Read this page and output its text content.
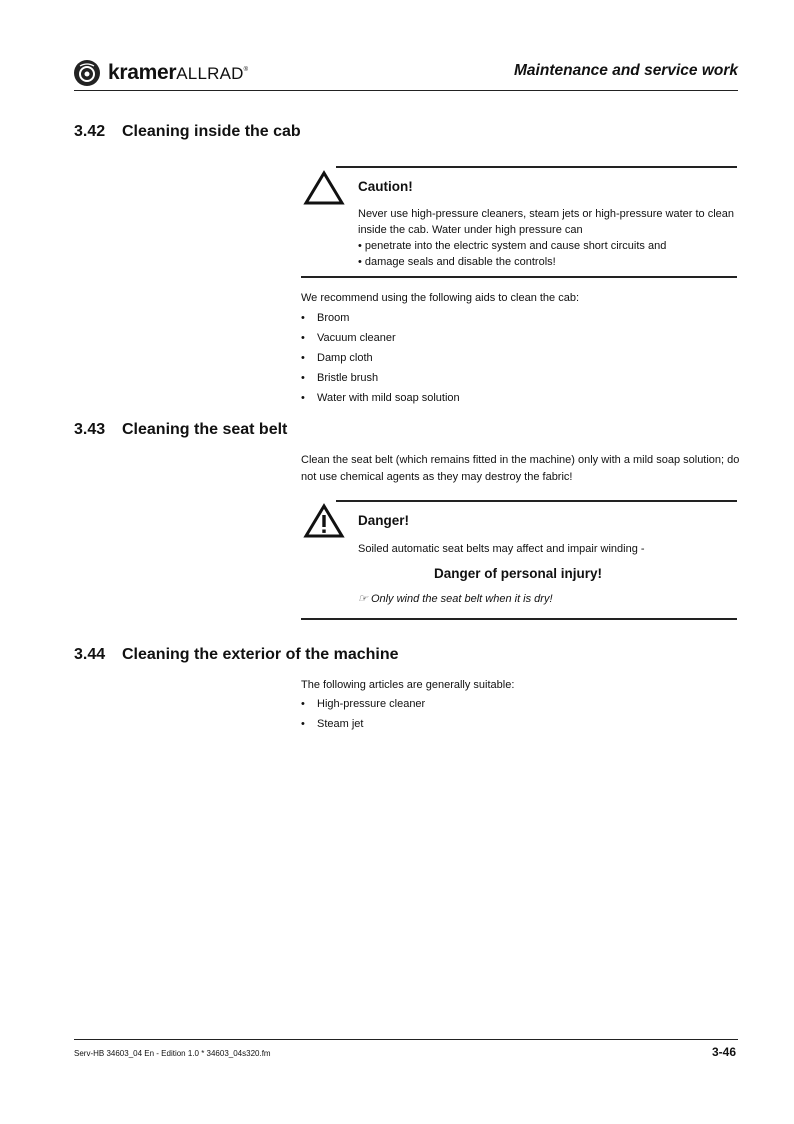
kramerALLRAD®	Maintenance and service work
3.42 Cleaning inside the cab
Caution!
Never use high-pressure cleaners, steam jets or high-pressure water to clean
inside the cab. Water under high pressure can
• penetrate into the electric system and cause short circuits and
• damage seals and disable the controls!
We recommend using the following aids to clean the cab:
• Broom
• Vacuum cleaner
• Damp cloth
• Bristle brush
• Water with mild soap solution
3.43 Cleaning the seat belt
Clean the seat belt (which remains fitted in the machine) only with a mild soap solution; do
not use chemical agents as they may destroy the fabric!
Danger!
Soiled automatic seat belts may affect and impair winding -
Danger of personal injury!
☞ Only wind the seat belt when it is dry!
3.44 Cleaning the exterior of the machine
The following articles are generally suitable:
• High-pressure cleaner
• Steam jet
Serv-HB 34603_04 En - Edition 1.0 * 34603_04s320.fm	3-46
